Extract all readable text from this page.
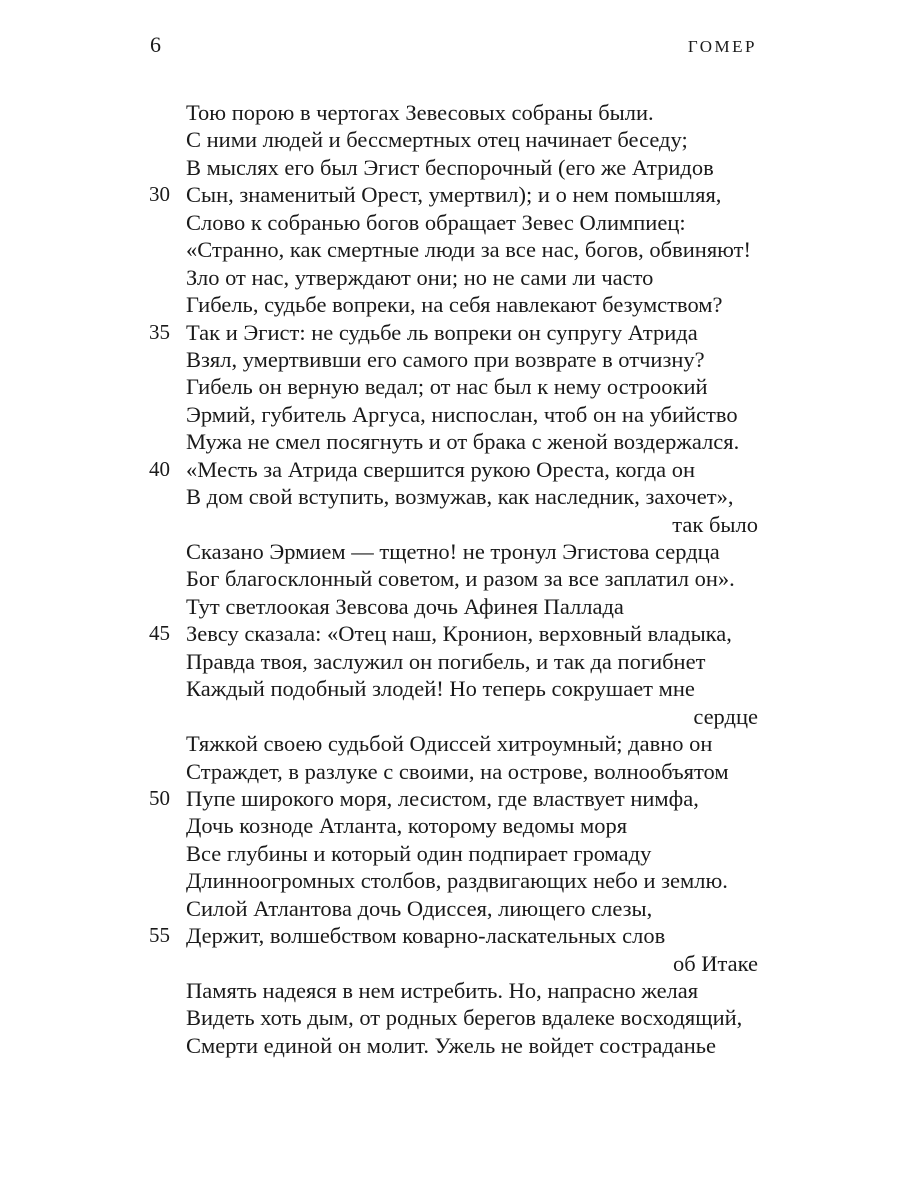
6	ГОМЕР
Тою порою в чертогах Зевесовых собраны были.
С ними людей и бессмертных отец начинает беседу;
В мыслях его был Эгист беспорочный (его же Атридов
30 Сын, знаменитый Орест, умертвил); и о нем помышляя,
Слово к собранью богов обращает Зевес Олимпиец:
«Странно, как смертные люди за все нас, богов, обвиняют!
Зло от нас, утверждают они; но не сами ли часто
Гибель, судьбе вопреки, на себя навлекают безумством?
35 Так и Эгист: не судьбе ль вопреки он супругу Атрида
Взял, умертвивши его самого при возврате в отчизну?
Гибель он верную ведал; от нас был к нему остроокий
Эрмий, губитель Аргуса, ниспослан, чтоб он на убийство
Мужа не смел посягнуть и от брака с женой воздержался.
40 «Месть за Атрида свершится рукою Ореста, когда он
В дом свой вступить, возмужав, как наследник, захочет»,
так было
Сказано Эрмием — тщетно! не тронул Эгистова сердца
Бог благосклонный советом, и разом за все заплатил он».
Тут светлоокая Зевсова дочь Афинея Паллада
45 Зевсу сказала: «Отец наш, Кронион, верховный владыка,
Правда твоя, заслужил он погибель, и так да погибнет
Каждый подобный злодей! Но теперь сокрушает мне
сердце
Тяжкой своею судьбой Одиссей хитроумный; давно он
Страждет, в разлуке с своими, на острове, волнообъятом
50 Пупе широкого моря, лесистом, где властвует нимфа,
Дочь козноде Атланта, которому ведомы моря
Все глубины и который один подпирает громаду
Длинноогромных столбов, раздвигающих небо и землю.
Силой Атлантова дочь Одиссея, лиющего слезы,
55 Держит, волшебством коварно-ласкательных слов
об Итаке
Память надеяся в нем истребить. Но, напрасно желая
Видеть хоть дым, от родных берегов вдалеке восходящий,
Смерти единой он молит. Ужель не войдет состраданье
